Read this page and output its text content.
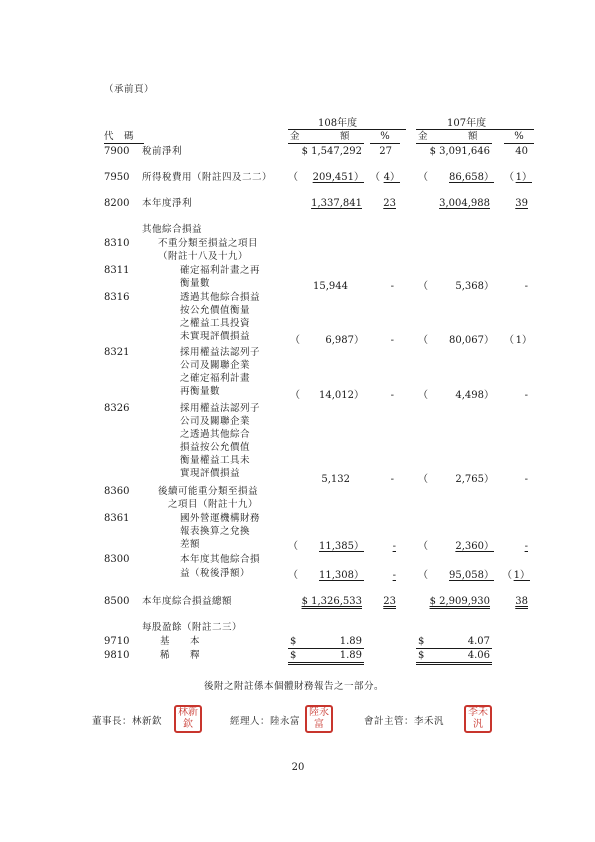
（承前頁）
108年度	107年度
代　碼	金　　　　額	%	金　　　　額	%
7900 稅前淨利	$ 1,547,292	27	$ 3,091,646	40
7950 所得稅費用（附註四及二二） （	209,451） （ 4） （	86,658） （ 1）
8200 本年度淨利	1,337,841	23	3,004,988	39
其他綜合損益
8310	不重分類至損益之項目
（附註十八及十九）
8311	確定福利計畫之再
衡量數	15,944	- （	5,368）	-
8316	透過其他綜合損益
按公允價值衡量
之權益工具投資
未實現評價損益	（	6,987）	- （	80,067） （ 1）
8321	採用權益法認列子
公司及關聯企業
之確定福利計畫
再衡量數	（	14,012）	- （	4,498）	-
8326	採用權益法認列子
公司及關聯企業
之透過其他綜合
損益按公允價值
衡量權益工具未
實現評價損益
5,132	- （	2,765）	-
8360	後續可能重分類至損益
之項目（附註十九）
8361	國外營運機構財務
報表換算之兌換
差額	（	11,385）	- （	2,360）	-
8300	本年度其他綜合損
益（稅後淨額）	（	11,308）	- （	95,058） （ 1）
8500 本年度綜合損益總額	$ 1,326,533	23	$ 2,909,930	38
每股盈餘（附註二三）
9710	基　　本	$	1.89	$	4.07
9810	稀　　釋	$	1.89	$	4.06
後附之附註係本個體財務報告之一部分。
董事長：林新欽
林新欽	經理人：陸永富
陸永富	會計主管：李禾汎
李禾汎
20
